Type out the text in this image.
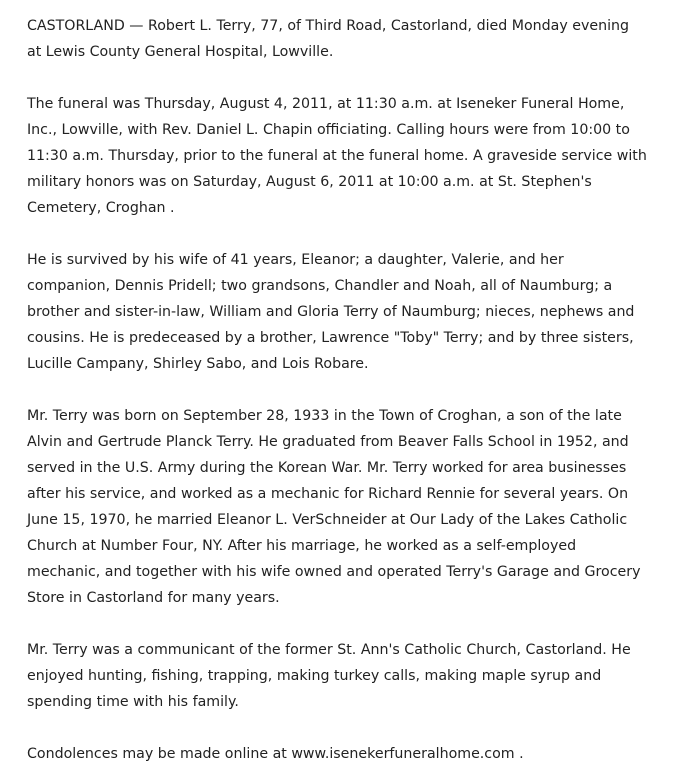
CASTORLAND — Robert L. Terry, 77, of Third Road, Castorland, died Monday evening
at Lewis County General Hospital, Lowville.

The funeral was Thursday, August 4, 2011, at 11:30 a.m. at Iseneker Funeral Home,
Inc., Lowville, with Rev. Daniel L. Chapin officiating. Calling hours were from 10:00 to
11:30 a.m. Thursday, prior to the funeral at the funeral home. A graveside service with
military honors was on Saturday, August 6, 2011 at 10:00 a.m. at St. Stephen's
Cemetery, Croghan .

He is survived by his wife of 41 years, Eleanor; a daughter, Valerie, and her
companion, Dennis Pridell; two grandsons, Chandler and Noah, all of Naumburg; a
brother and sister-in-law, William and Gloria Terry of Naumburg; nieces, nephews and
cousins. He is predeceased by a brother, Lawrence "Toby" Terry; and by three sisters,
Lucille Campany, Shirley Sabo, and Lois Robare.

Mr. Terry was born on September 28, 1933 in the Town of Croghan, a son of the late
Alvin and Gertrude Planck Terry. He graduated from Beaver Falls School in 1952, and
served in the U.S. Army during the Korean War. Mr. Terry worked for area businesses
after his service, and worked as a mechanic for Richard Rennie for several years. On
June 15, 1970, he married Eleanor L. VerSchneider at Our Lady of the Lakes Catholic
Church at Number Four, NY. After his marriage, he worked as a self-employed
mechanic, and together with his wife owned and operated Terry's Garage and Grocery
Store in Castorland for many years.

Mr. Terry was a communicant of the former St. Ann's Catholic Church, Castorland. He
enjoyed hunting, fishing, trapping, making turkey calls, making maple syrup and
spending time with his family.

Condolences may be made online at www.isenekerfuneralhome.com .
